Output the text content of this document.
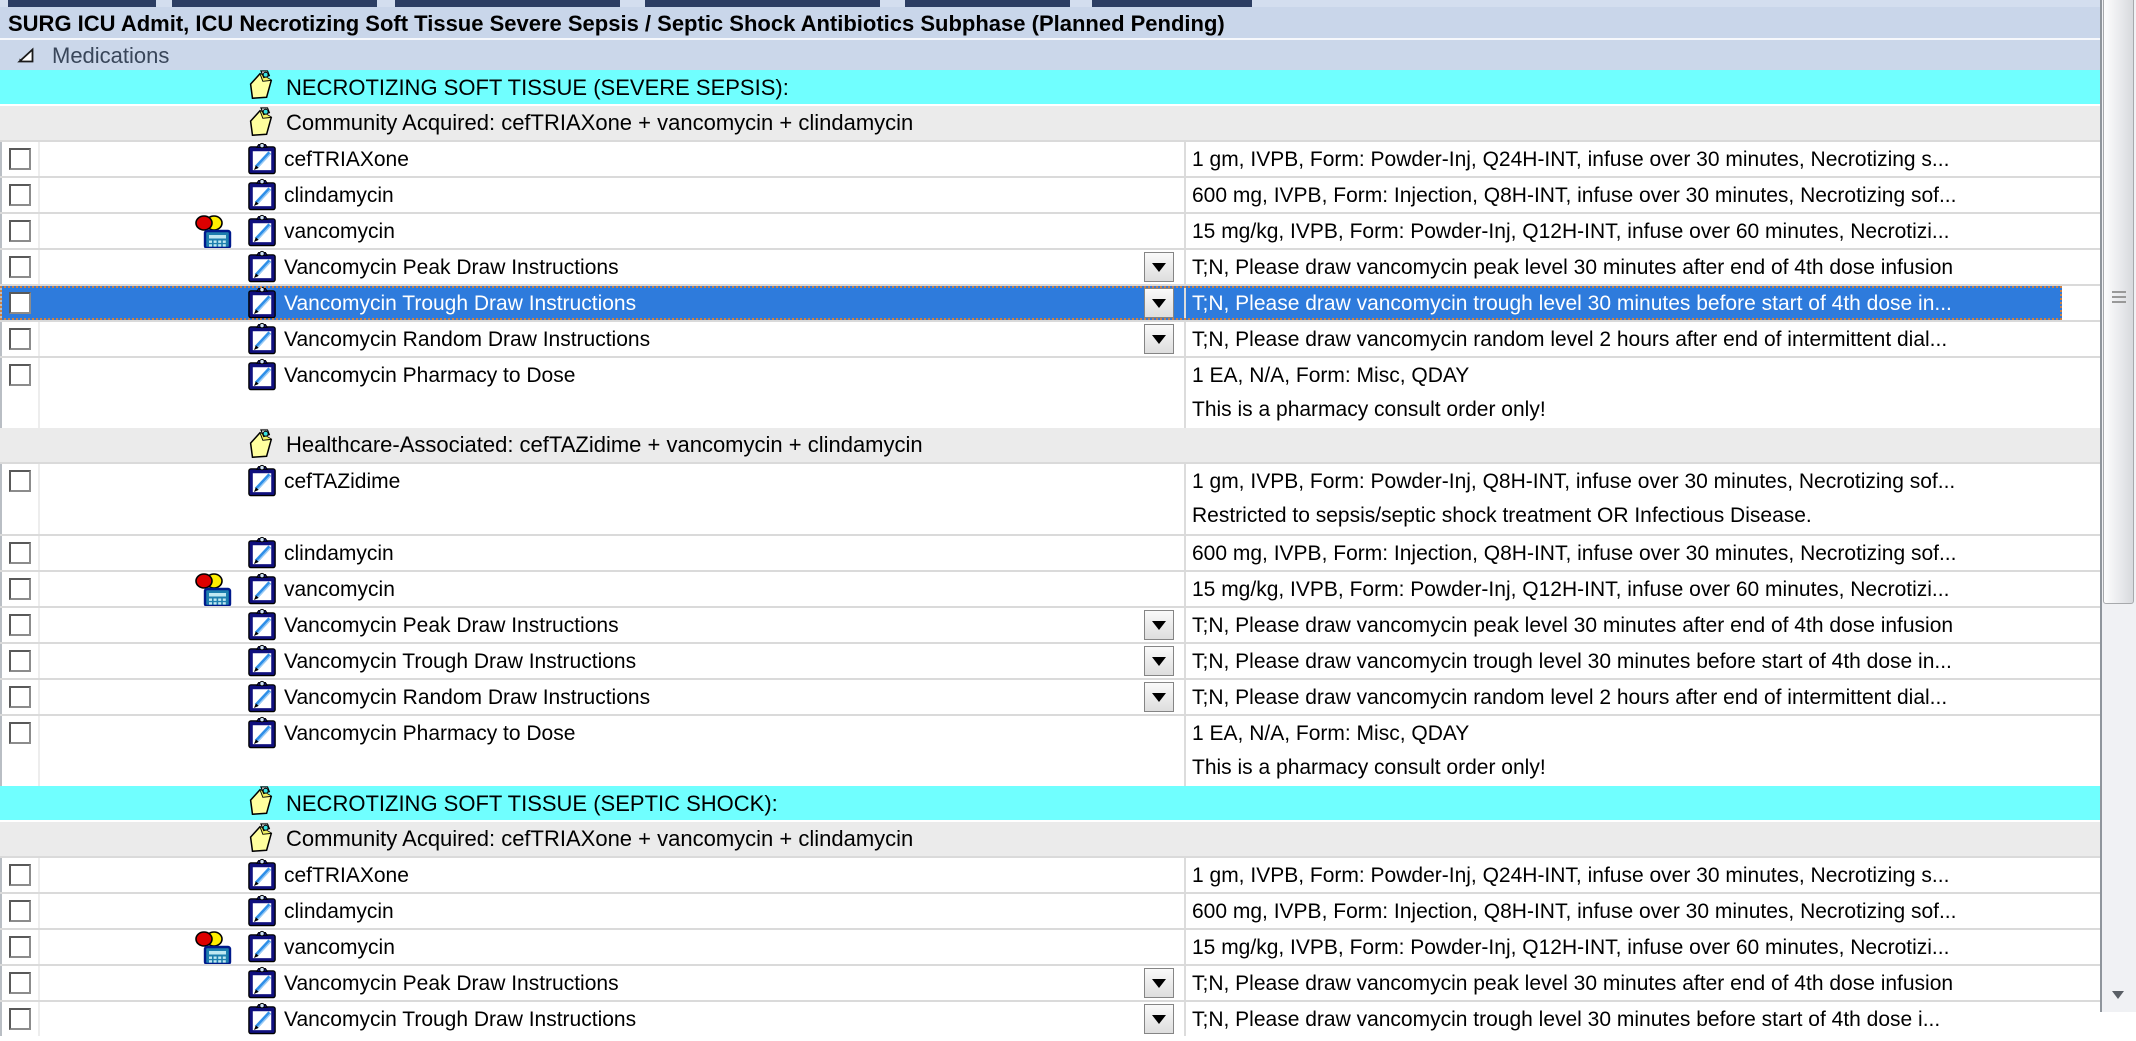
SURG ICU Admit, ICU Necrotizing Soft Tissue Severe Sepsis / Septic Shock Antibiotics Subphase (Planned Pending)
Medications
NECROTIZING SOFT TISSUE (SEVERE SEPSIS):
Community Acquired: cefTRIAXone + vancomycin + clindamycin
cefTRIAXone	1 gm, IVPB, Form: Powder-Inj, Q24H-INT, infuse over 30 minutes, Necrotizing s...
clindamycin	600 mg, IVPB, Form: Injection, Q8H-INT, infuse over 30 minutes, Necrotizing sof...
vancomycin	15 mg/kg, IVPB, Form: Powder-Inj, Q12H-INT, infuse over 60 minutes, Necrotizi...
Vancomycin Peak Draw Instructions	T;N, Please draw vancomycin peak level 30 minutes after end of 4th dose infusion
Vancomycin Trough Draw Instructions	T;N, Please draw vancomycin trough level 30 minutes before start of 4th dose in...
Vancomycin Random Draw Instructions	T;N, Please draw vancomycin random level 2 hours after end of intermittent dial...
Vancomycin Pharmacy to Dose	1 EA, N/A, Form: Misc, QDAY
This is a pharmacy consult order only!
Healthcare-Associated: cefTAZidime + vancomycin + clindamycin
cefTAZidime	1 gm, IVPB, Form: Powder-Inj, Q8H-INT, infuse over 30 minutes, Necrotizing sof...
Restricted to sepsis/septic shock treatment OR Infectious Disease.
clindamycin	600 mg, IVPB, Form: Injection, Q8H-INT, infuse over 30 minutes, Necrotizing sof...
vancomycin	15 mg/kg, IVPB, Form: Powder-Inj, Q12H-INT, infuse over 60 minutes, Necrotizi...
Vancomycin Peak Draw Instructions	T;N, Please draw vancomycin peak level 30 minutes after end of 4th dose infusion
Vancomycin Trough Draw Instructions	T;N, Please draw vancomycin trough level 30 minutes before start of 4th dose in...
Vancomycin Random Draw Instructions	T;N, Please draw vancomycin random level 2 hours after end of intermittent dial...
Vancomycin Pharmacy to Dose	1 EA, N/A, Form: Misc, QDAY
This is a pharmacy consult order only!
NECROTIZING SOFT TISSUE (SEPTIC SHOCK):
Community Acquired: cefTRIAXone + vancomycin + clindamycin
cefTRIAXone	1 gm, IVPB, Form: Powder-Inj, Q24H-INT, infuse over 30 minutes, Necrotizing s...
clindamycin	600 mg, IVPB, Form: Injection, Q8H-INT, infuse over 30 minutes, Necrotizing sof...
vancomycin	15 mg/kg, IVPB, Form: Powder-Inj, Q12H-INT, infuse over 60 minutes, Necrotizi...
Vancomycin Peak Draw Instructions	T;N, Please draw vancomycin peak level 30 minutes after end of 4th dose infusion
Vancomycin Trough Draw Instructions	T;N, Please draw vancomycin trough level 30 minutes before start of 4th dose i...
